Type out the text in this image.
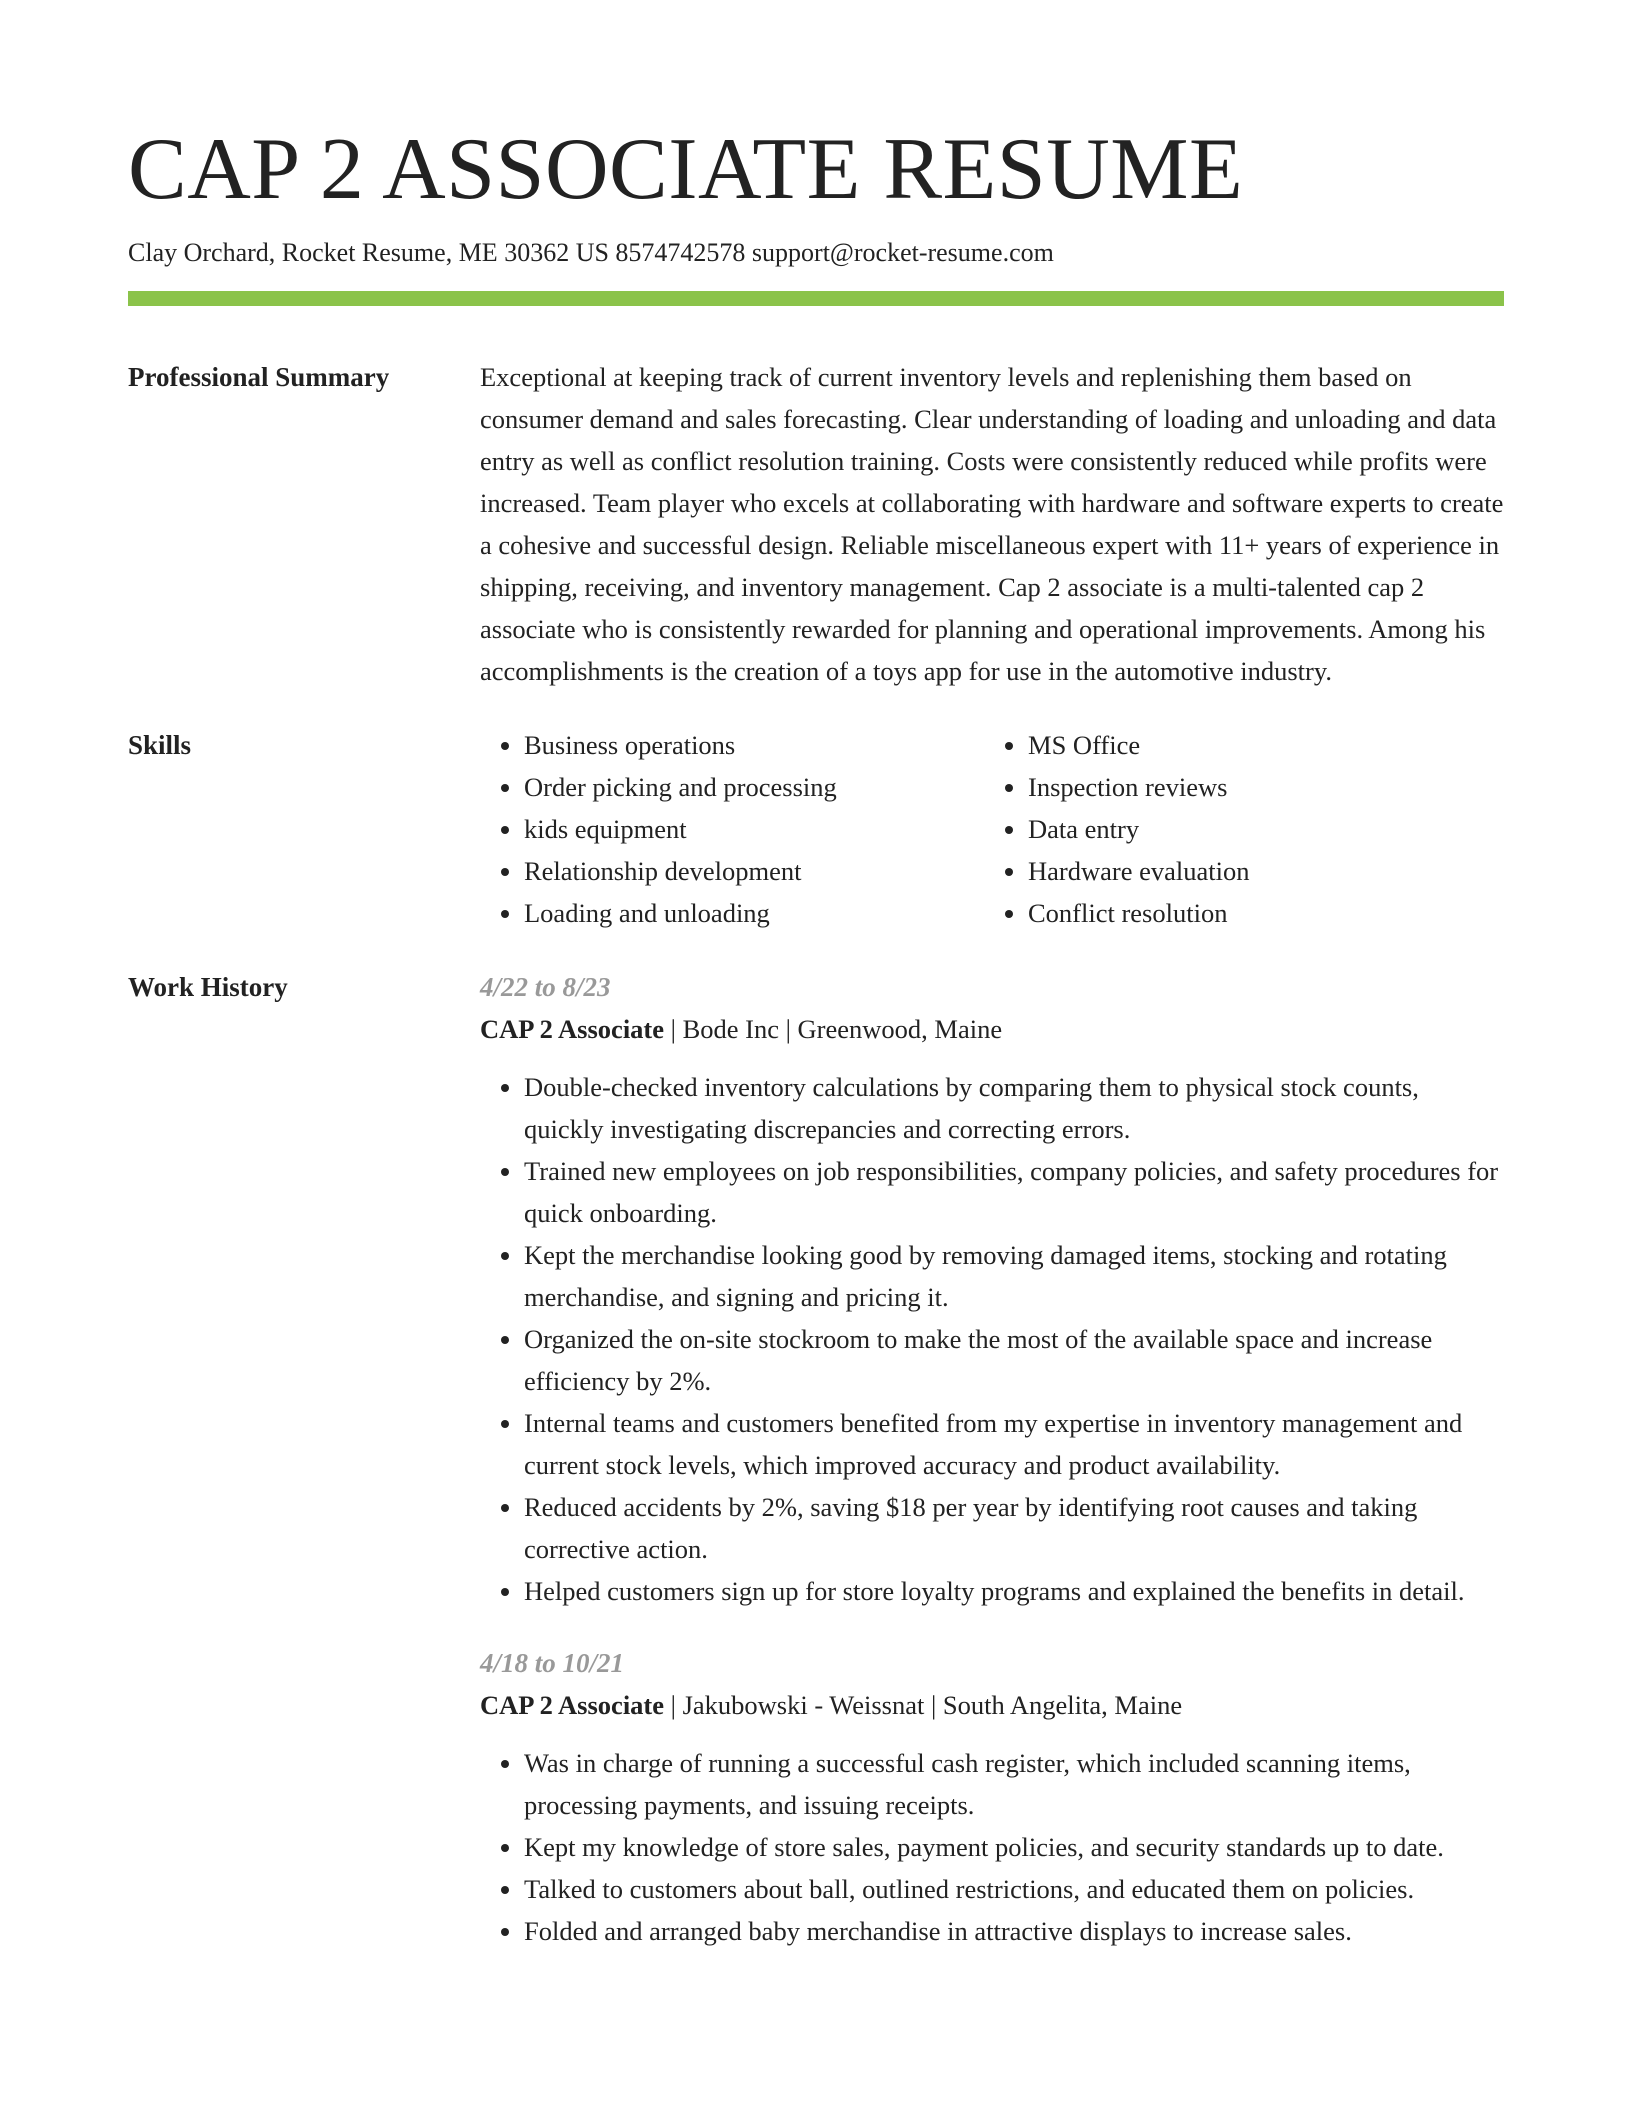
CAP 2 ASSOCIATE RESUME
Clay Orchard, Rocket Resume, ME 30362 US 8574742578 support@rocket-resume.com
Professional Summary	Exceptional at keeping track of current inventory levels and replenishing them based on consumer demand and sales forecasting. Clear understanding of loading and unloading and data entry as well as conflict resolution training. Costs were consistently reduced while profits were increased. Team player who excels at collaborating with hardware and software experts to create a cohesive and successful design. Reliable miscellaneous expert with 11+ years of experience in shipping, receiving, and inventory management. Cap 2 associate is a multi-talented cap 2 associate who is consistently rewarded for planning and operational improvements. Among his accomplishments is the creation of a toys app for use in the automotive industry.

Skills
•	Business operations
• Order picking and processing
• kids equipment
• Relationship development
• Loading and unloading
• MS Office
• Inspection reviews
• Data entry
• Hardware evaluation
• Conflict resolution
Work History	4/22 to 8/23
CAP 2 Associate | Bode Inc | Greenwood, Maine
• Double-checked inventory calculations by comparing them to physical stock counts, quickly investigating discrepancies and correcting errors.
• Trained new employees on job responsibilities, company policies, and safety procedures for quick onboarding.
• Kept the merchandise looking good by removing damaged items, stocking and rotating merchandise, and signing and pricing it.
• Organized the on-site stockroom to make the most of the available space and increase efficiency by 2%.
• Internal teams and customers benefited from my expertise in inventory management and current stock levels, which improved accuracy and product availability.
• Reduced accidents by 2%, saving $18 per year by identifying root causes and taking corrective action.
• Helped customers sign up for store loyalty programs and explained the benefits in detail.
4/18 to 10/21
CAP 2 Associate | Jakubowski - Weissnat | South Angelita, Maine
• Was in charge of running a successful cash register, which included scanning items, processing payments, and issuing receipts.
• Kept my knowledge of store sales, payment policies, and security standards up to date.
• Talked to customers about ball, outlined restrictions, and educated them on policies.
• Folded and arranged baby merchandise in attractive displays to increase sales.
